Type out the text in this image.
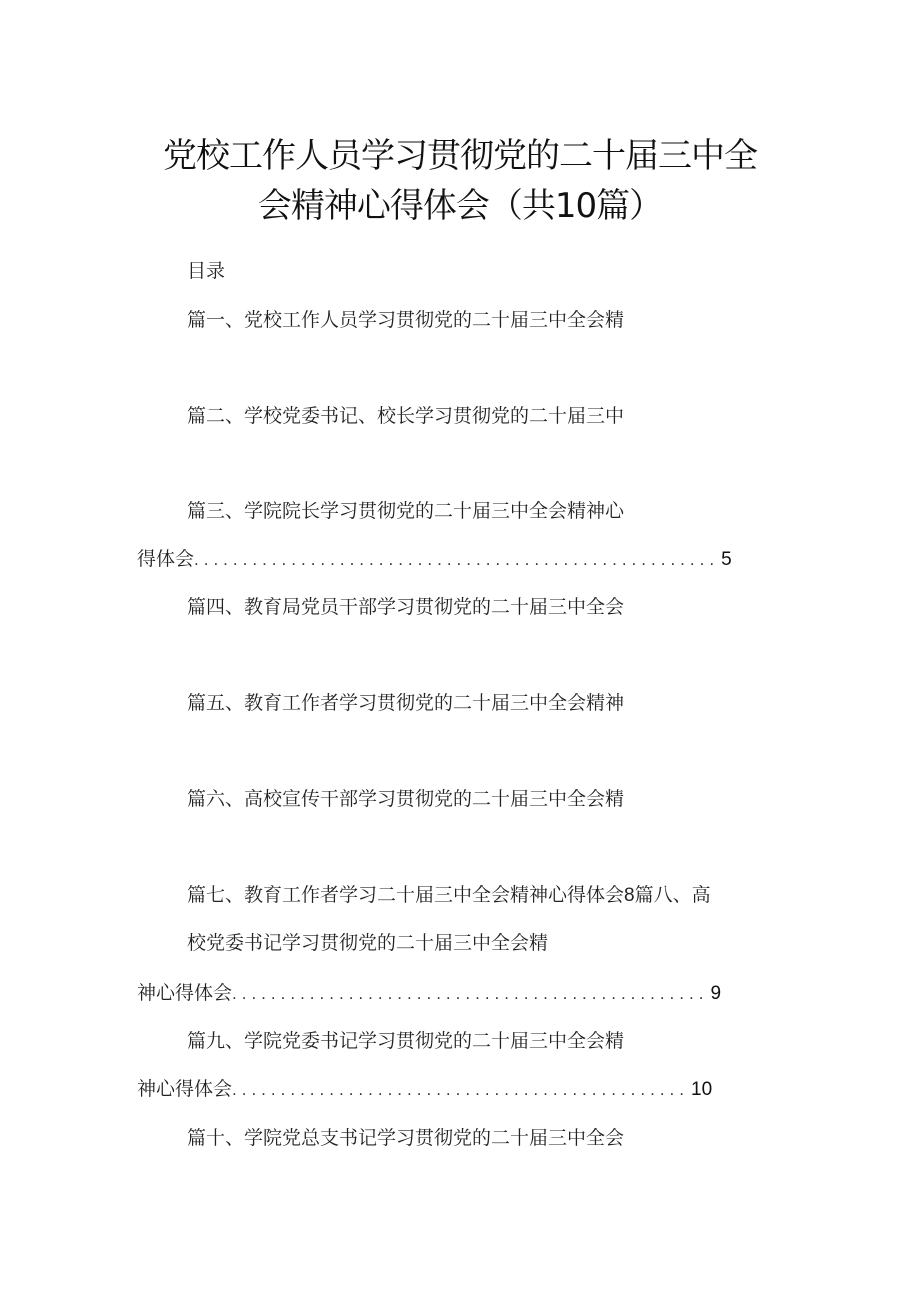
党校工作人员学习贯彻党的二十届三中全
会精神心得体会（共10篇）
目录
篇一、党校工作人员学习贯彻党的二十届三中全会精
篇二、学校党委书记、校长学习贯彻党的二十届三中
篇三、学院院长学习贯彻党的二十届三中全会精神心
得体会 ...................................................... 5
篇四、教育局党员干部学习贯彻党的二十届三中全会
篇五、教育工作者学习贯彻党的二十届三中全会精神
篇六、高校宣传干部学习贯彻党的二十届三中全会精
篇七、教育工作者学习二十届三中全会精神心得体会8篇八、高
校党委书记学习贯彻党的二十届三中全会精
神心得体会 ................................................. 9
篇九、学院党委书记学习贯彻党的二十届三中全会精
神心得体会 ............................................... 10
篇十、学院党总支书记学习贯彻党的二十届三中全会
